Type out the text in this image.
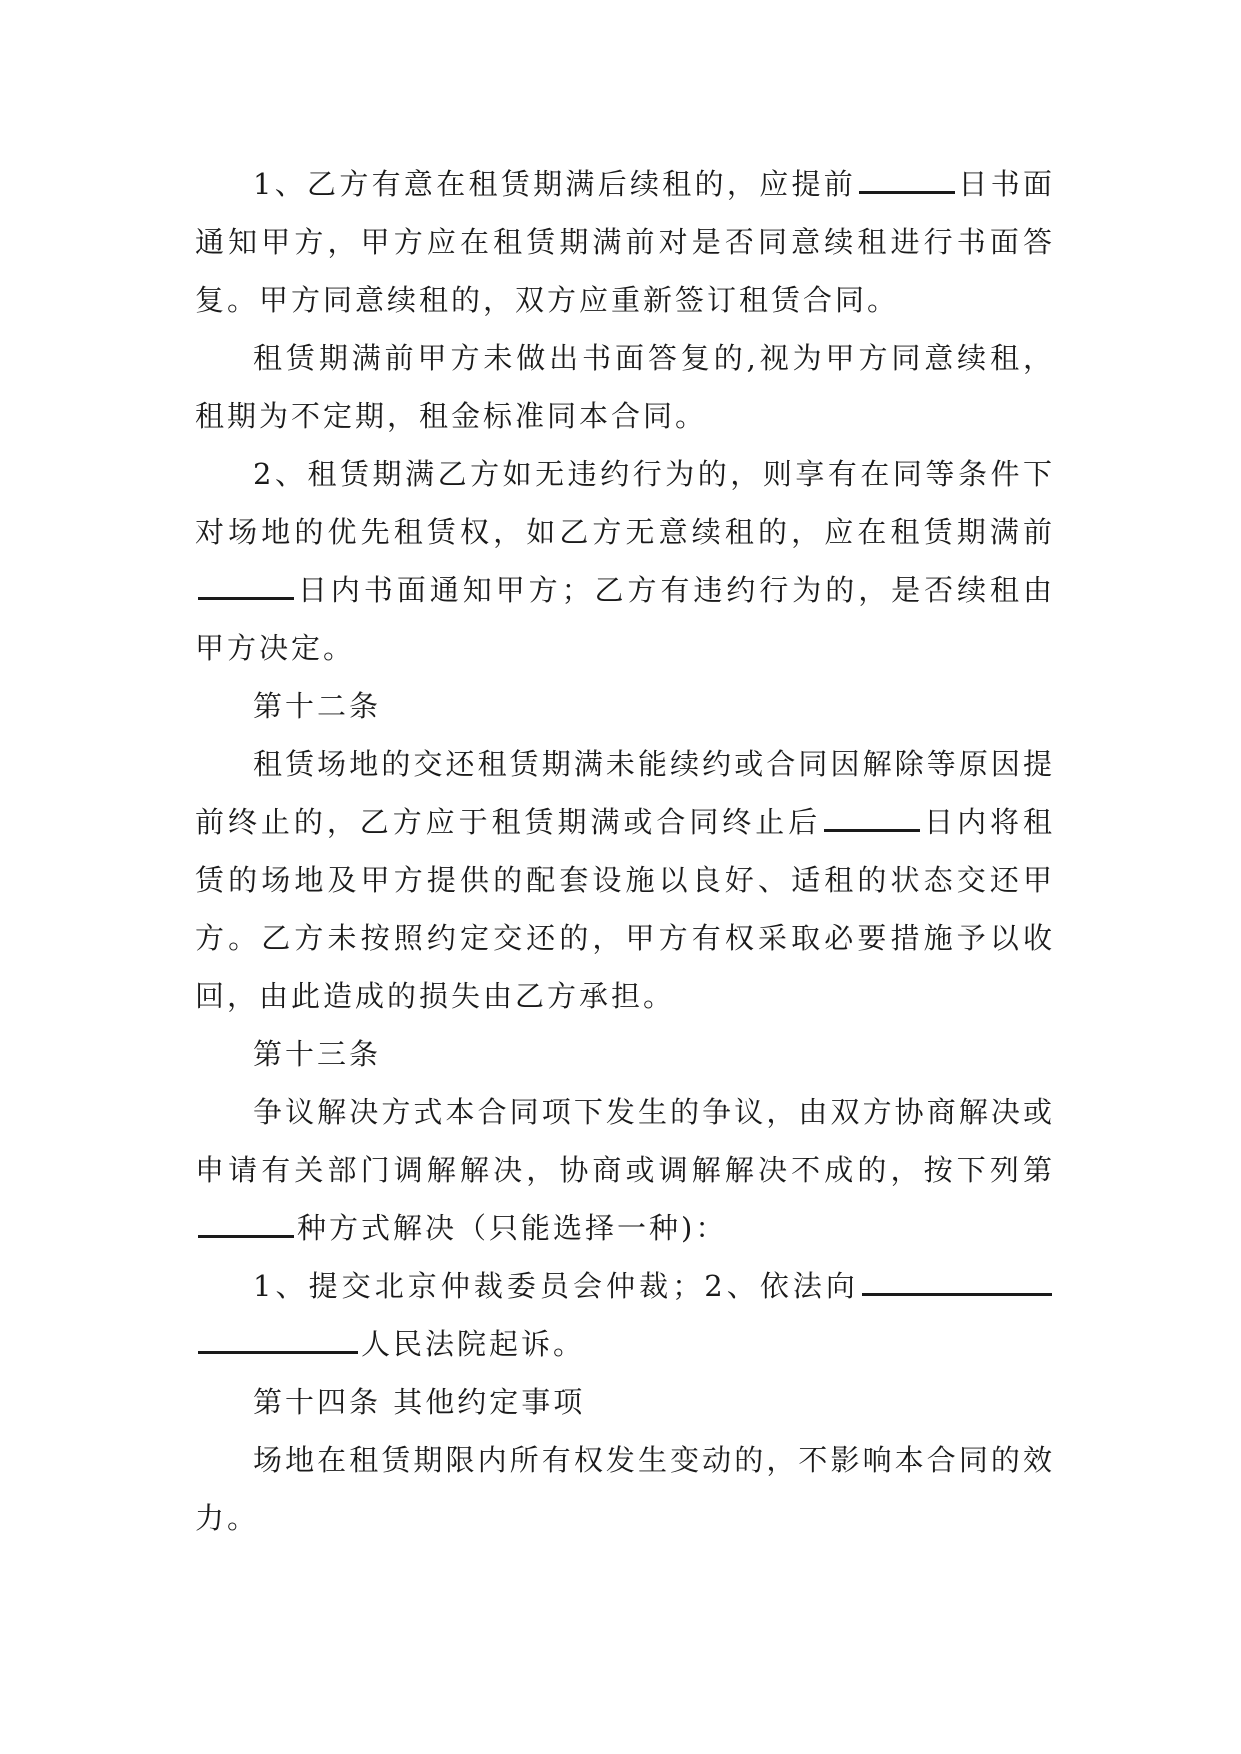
1、乙方有意在租赁期满后续租的，应提前	日书面通知甲方，甲方应在租赁期满前对是否同意续租进行书面答复。甲方同意续租的，双方应重新签订租赁合同。

租赁期满前甲方未做出书面答复的,视为甲方同意续租，租期为不定期，租金标准同本合同。

2、租赁期满乙方如无违约行为的，则享有在同等条件下对场地的优先租赁权，如乙方无意续租的，应在租赁期满前日内书面通知甲方；乙方有违约行为的，是否续租由甲方决定。

第十二条

租赁场地的交还租赁期满未能续约或合同因解除等原因提前终止的，乙方应于租赁期满或合同终止后	日内将租赁的场地及甲方提供的配套设施以良好、适租的状态交还甲方。乙方未按照约定交还的，甲方有权采取必要措施予以收回，由此造成的损失由乙方承担。

第十三条

争议解决方式本合同项下发生的争议，由双方协商解决或申请有关部门调解解决，协商或调解解决不成的，按下列第种方式解决（只能选择一种)：

1、提交北京仲裁委员会仲裁；2、依法向人民法院起诉。

第十四条 其他约定事项

场地在租赁期限内所有权发生变动的，不影响本合同的效力。
